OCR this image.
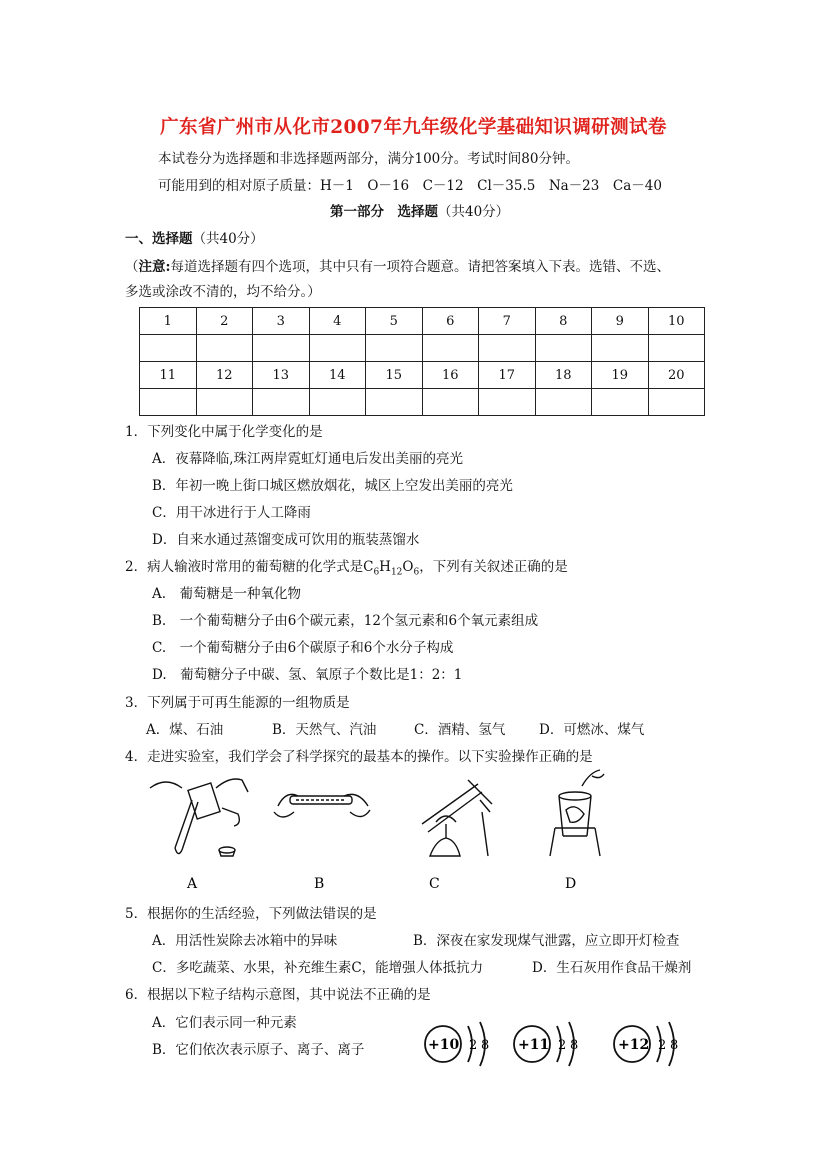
广东省广州市从化市2007年九年级化学基础知识调研测试卷
本试卷分为选择题和非选择题两部分，满分100分。考试时间80分钟。
可能用到的相对原子质量：H－1　O－16　C－12　Cl－35.5　Na－23　Ca－40
第一部分　选择题（共40分）
一、选择题（共40分）
（注意:每道选择题有四个选项，其中只有一项符合题意。请把答案填入下表。选错、不选、
多选或涂改不清的，均不给分。）
1	2	3	4	5	6	7	8	9	10

11	12	13	14	15	16	17	18	19	20

1．下列变化中属于化学变化的是
A．夜幕降临,珠江两岸霓虹灯通电后发出美丽的亮光
B．年初一晚上街口城区燃放烟花，城区上空发出美丽的亮光
C．用干冰进行于人工降雨
D．自来水通过蒸馏变成可饮用的瓶装蒸馏水
2．病人输液时常用的葡萄糖的化学式是$C_6H_{12}O_6$，下列有关叙述正确的是
A.　葡萄糖是一种氧化物
B.　一个葡萄糖分子由6个碳元素，12个氢元素和6个氧元素组成
C.　一个葡萄糖分子由6个碳原子和6个水分子构成
D.　葡萄糖分子中碳、氢、氧原子个数比是1：2：1
3．下列属于可再生能源的一组物质是
A．煤、石油	B．天然气、汽油	C．酒精、氢气 D．可燃冰、煤气
4．走进实验室，我们学会了科学探究的最基本的操作。以下实验操作正确的是
A	B	C	D
5．根据你的生活经验，下列做法错误的是
A．用活性炭除去冰箱中的异味	B．深夜在家发现煤气泄露，应立即开灯检查
C．多吃蔬菜、水果，补充维生素C，能增强人体抵抗力	D．生石灰用作食品干燥剂
6．根据以下粒子结构示意图，其中说法不正确的是
A．它们表示同一种元素
B．它们依次表示原子、离子、离子	+10 2 8 +11 2 8	+12 2 8
